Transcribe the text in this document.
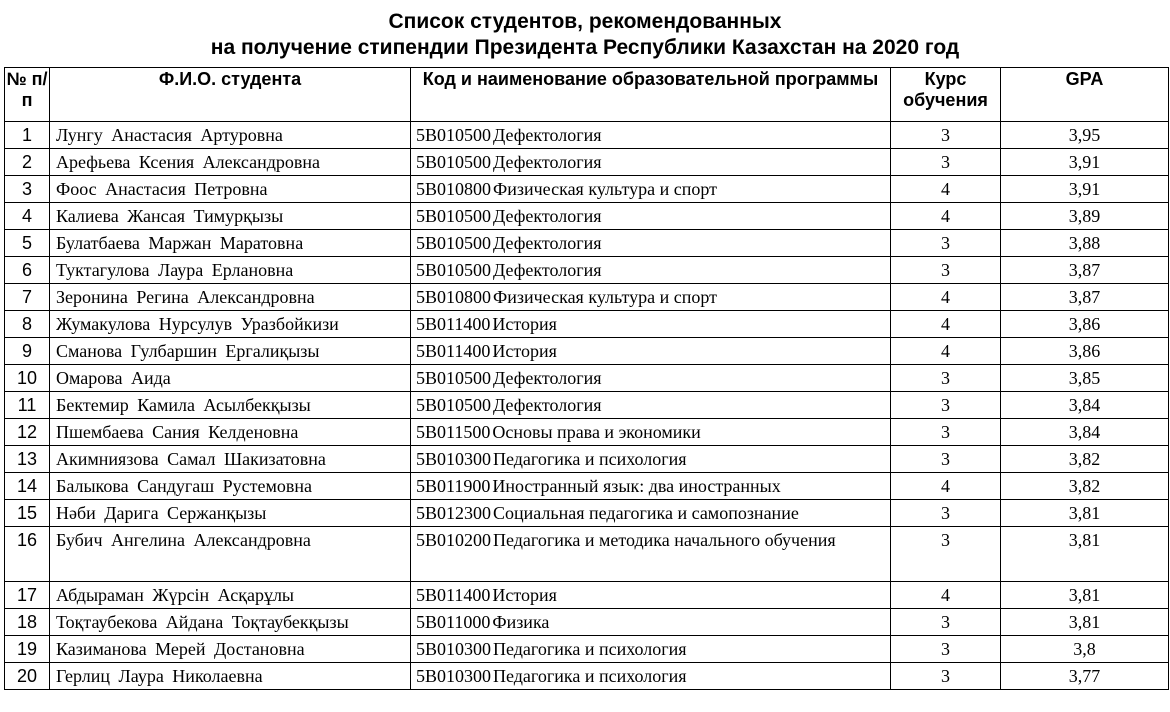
Список студентов, рекомендованных
на получение стипендии Президента Республики Казахстан на 2020 год
№ п/п	Ф.И.О. студента	Код и наименование образовательной программы	Курс обучения	GPA
1	Лунгу Анастасия Артуровна	5В010500 Дефектология	3	3,95
2	Арефьева Ксения Александровна	5В010500 Дефектология	3	3,91
3	Фоос Анастасия Петровна	5В010800 Физическая культура и спорт	4	3,91
4	Калиева Жансая Тимурқызы	5В010500 Дефектология	4	3,89
5	Булатбаева Маржан Маратовна	5В010500 Дефектология	3	3,88
6	Туктагулова Лаура Ерлановна	5В010500 Дефектология	3	3,87
7	Зеронина Регина Александровна	5В010800 Физическая культура и спорт	4	3,87
8	Жумакулова Нурсулув Уразбойкизи	5В011400 История	4	3,86
9	Сманова Гулбаршин Ергалиқызы	5В011400 История	4	3,86
10	Омарова Аида	5В010500 Дефектология	3	3,85
11	Бектемир Камила Асылбекқызы	5В010500 Дефектология	3	3,84
12	Пшембаева Сания Келденовна	5В011500 Основы права и экономики	3	3,84
13	Акимниязова Самал Шакизатовна	5В010300 Педагогика и психология	3	3,82
14	Балыкова Сандугаш Рустемовна	5В011900 Иностранный язык: два иностранных	4	3,82
15	Нәби Дарига Сержанқызы	5В012300 Социальная педагогика и самопознание	3	3,81
16	Бубич Ангелина Александровна	5В010200 Педагогика и методика начального обучения	3	3,81
17	Абдыраман Жүрсін Асқарұлы	5В011400 История	4	3,81
18	Тоқтаубекова Айдана Тоқтаубекқызы	5В011000 Физика	3	3,81
19	Казиманова Мерей Достановна	5В010300 Педагогика и психология	3	3,8
20	Герлиц Лаура Николаевна	5В010300 Педагогика и психология	3	3,77
